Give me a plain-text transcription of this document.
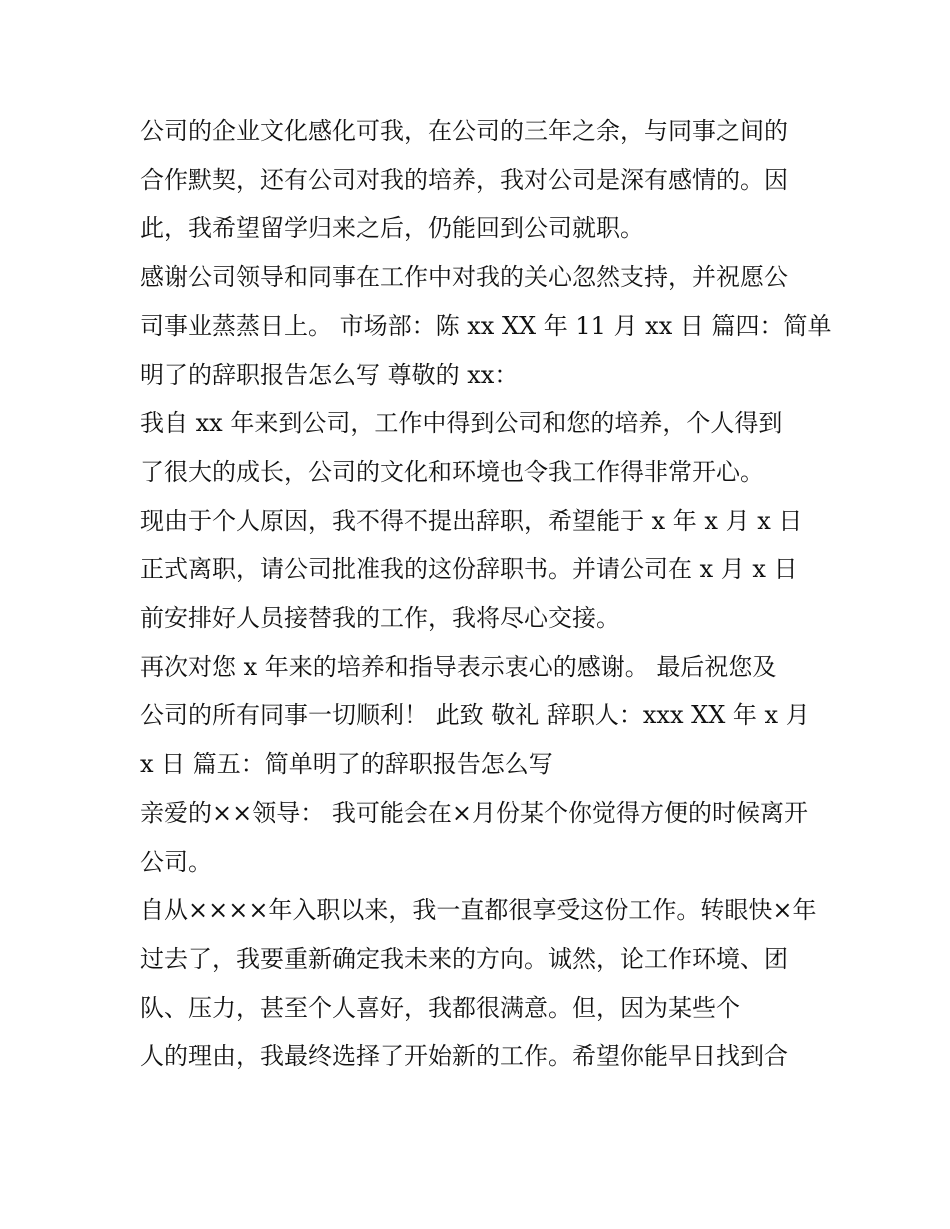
公司的企业文化感化可我，在公司的三年之余，与同事之间的

合作默契，还有公司对我的培养，我对公司是深有感情的。因

此，我希望留学归来之后，仍能回到公司就职。

感谢公司领导和同事在工作中对我的关心忽然支持，并祝愿公

司事业蒸蒸日上。 市场部：陈 xx XX 年 11 月 xx 日 篇四：简单

明了的辞职报告怎么写 尊敬的 xx：

我自 xx 年来到公司，工作中得到公司和您的培养，个人得到

了很大的成长，公司的文化和环境也令我工作得非常开心。

现由于个人原因，我不得不提出辞职，希望能于 x 年 x 月 x 日

正式离职，请公司批准我的这份辞职书。并请公司在 x 月 x 日

前安排好人员接替我的工作，我将尽心交接。

再次对您 x 年来的培养和指导表示衷心的感谢。 最后祝您及

公司的所有同事一切顺利！ 此致 敬礼 辞职人：xxx XX 年 x 月

x 日 篇五：简单明了的辞职报告怎么写

亲爱的××领导： 我可能会在×月份某个你觉得方便的时候离开

公司。

自从××××年入职以来，我一直都很享受这份工作。转眼快×年

过去了，我要重新确定我未来的方向。诚然，论工作环境、团

队、压力，甚至个人喜好，我都很满意。但，因为某些个

人的理由，我最终选择了开始新的工作。希望你能早日找到合
